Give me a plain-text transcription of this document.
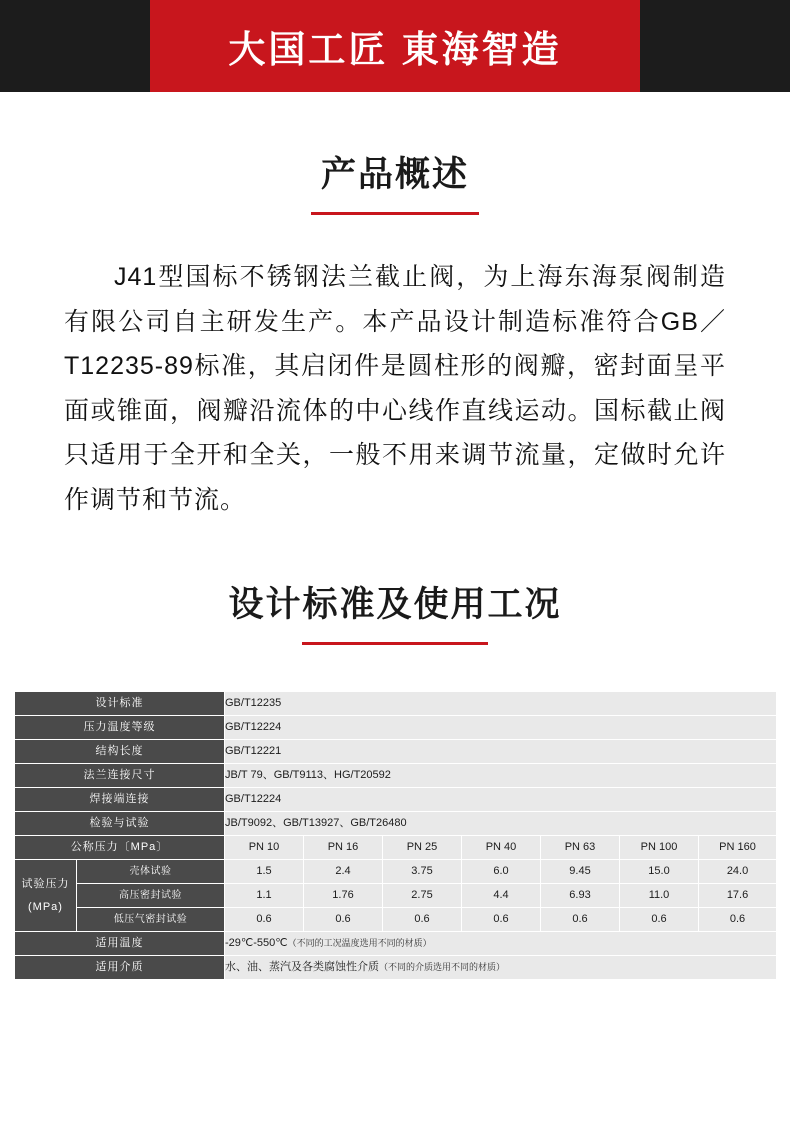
大国工匠 東海智造
产品概述

J41型国标不锈钢法兰截止阀，为上海东海泵阀制造有限公司自主研发生产。本产品设计制造标准符合GB／T12235-89标准，其启闭件是圆柱形的阀瓣，密封面呈平面或锥面，阀瓣沿流体的中心线作直线运动。国标截止阀只适用于全开和全关，一般不用来调节流量，定做时允许作调节和节流。

设计标准及使用工况
设计标准		GB/T12235						
压力温度等级		GB/T12224						
结构长度		GB/T12221						
法兰连接尺寸		JB/T 79、GB/T9113、HG/T20592						
焊接端连接		GB/T12224						
检验与试验		JB/T9092、GB/T13927、GB/T26480						
公称压力〔MPa〕		PN 10	PN 16	PN 25	PN 40	PN 63	PN 100	PN 160
试验压力(MPa)	壳体试验	1.5	2.4	3.75	6.0	9.45	15.0	24.0
	高压密封试验	1.1	1.76	2.75	4.4	6.93	11.0	17.6
	低压气密封试验	0.6	0.6	0.6	0.6	0.6	0.6	0.6
适用温度		-29℃-550℃（不同的工况温度选用不同的材质）						
适用介质		水、油、蒸汽及各类腐蚀性介质（不同的介质选用不同的材质）						
